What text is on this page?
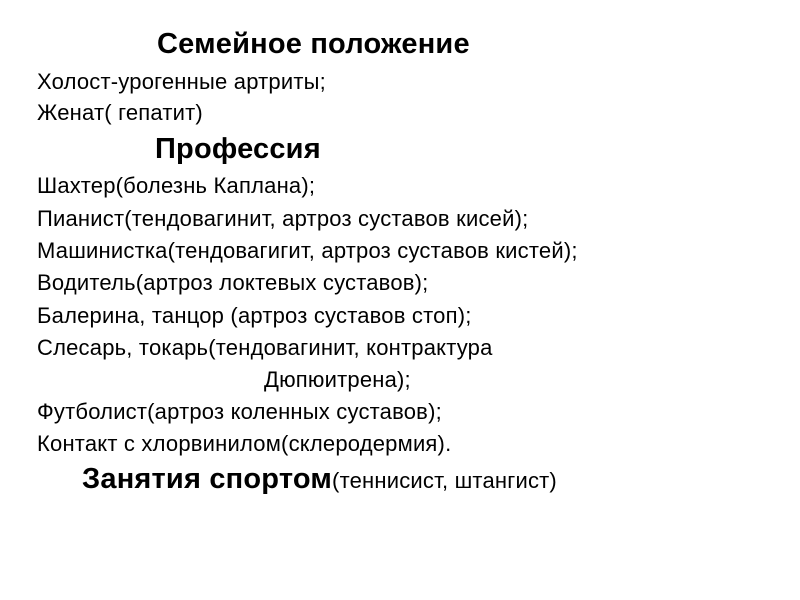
Семейное положение
Холост-урогенные артриты;
Женат( гепатит)
Профессия
Шахтер(болезнь Каплана);
Пианист(тендовагинит, артроз суставов кисей);
Машинистка(тендовагигит, артроз суставов кистей);
Водитель(артроз локтевых суставов);
Балерина, танцор (артроз суставов стоп);
Слесарь, токарь(тендовагинит, контрактура
Дюпюитрена);
Футболист(артроз коленных суставов);
Контакт с хлорвинилом(склеродермия).
Занятия спортом(теннисист, штангист)
